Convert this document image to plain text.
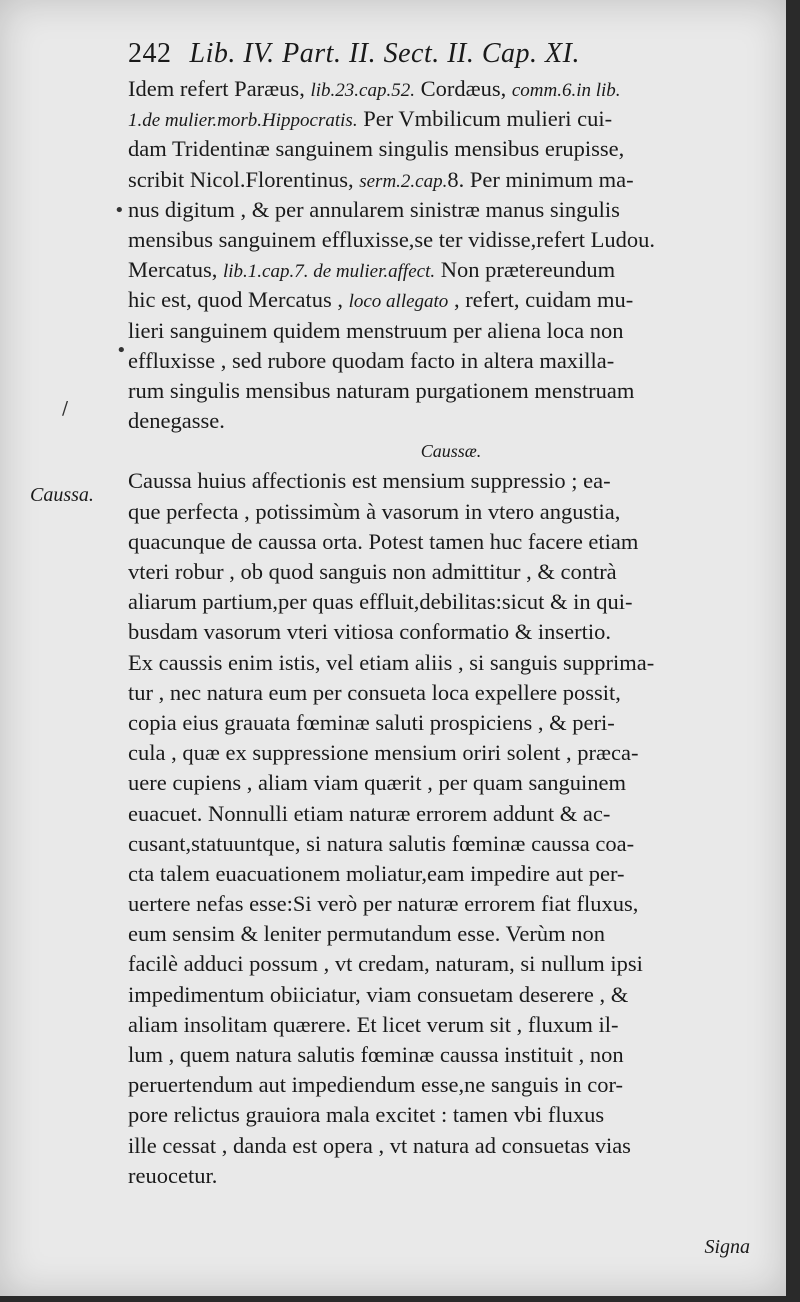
242 Lib. IV. Part. II. Sect. II. Cap. XI.
•
•
/
Caussa.
Idem refert Paræus, lib.23.cap.52. Cordæus, comm.6.in lib.
1.de mulier.morb.Hippocratis. Per Vmbilicum mulieri cui-
dam Tridentinæ sanguinem singulis mensibus erupisse,
scribit Nicol.Florentinus, serm.2.cap.8. Per minimum ma-
nus digitum , & per annularem sinistræ manus singulis
mensibus sanguinem effluxisse,se ter vidisse,refert Ludou.
Mercatus, lib.1.cap.7. de mulier.affect. Non prætereundum
hic est, quod Mercatus , loco allegato , refert, cuidam mu-
lieri sanguinem quidem menstruum per aliena loca non
effluxisse , sed rubore quodam facto in altera maxilla-
rum singulis mensibus naturam purgationem menstruam
denegasse.
Caussæ.
Caussa huius affectionis est mensium suppressio ; ea-
que perfecta , potissimùm à vasorum in vtero angustia,
quacunque de caussa orta. Potest tamen huc facere etiam
vteri robur , ob quod sanguis non admittitur , & contrà
aliarum partium,per quas effluit,debilitas:sicut & in qui-
busdam vasorum vteri vitiosa conformatio & insertio.
Ex caussis enim istis, vel etiam aliis , si sanguis supprima-
tur , nec natura eum per consueta loca expellere possit,
copia eius grauata fœminæ saluti prospiciens , & peri-
cula , quæ ex suppressione mensium oriri solent , præca-
uere cupiens , aliam viam quærit , per quam sanguinem
euacuet. Nonnulli etiam naturæ errorem addunt & ac-
cusant,statuuntque, si natura salutis fœminæ caussa coa-
cta talem euacuationem moliatur,eam impedire aut per-
uertere nefas esse:Si verò per naturæ errorem fiat fluxus,
eum sensim & leniter permutandum esse. Verùm non
facilè adduci possum , vt credam, naturam, si nullum ipsi
impedimentum obiiciatur, viam consuetam deserere , &
aliam insolitam quærere. Et licet verum sit , fluxum il-
lum , quem natura salutis fœminæ caussa instituit , non
peruertendum aut impediendum esse,ne sanguis in cor-
pore relictus grauiora mala excitet : tamen vbi fluxus
ille cessat , danda est opera , vt natura ad consuetas vias
reuocetur.
Signa
